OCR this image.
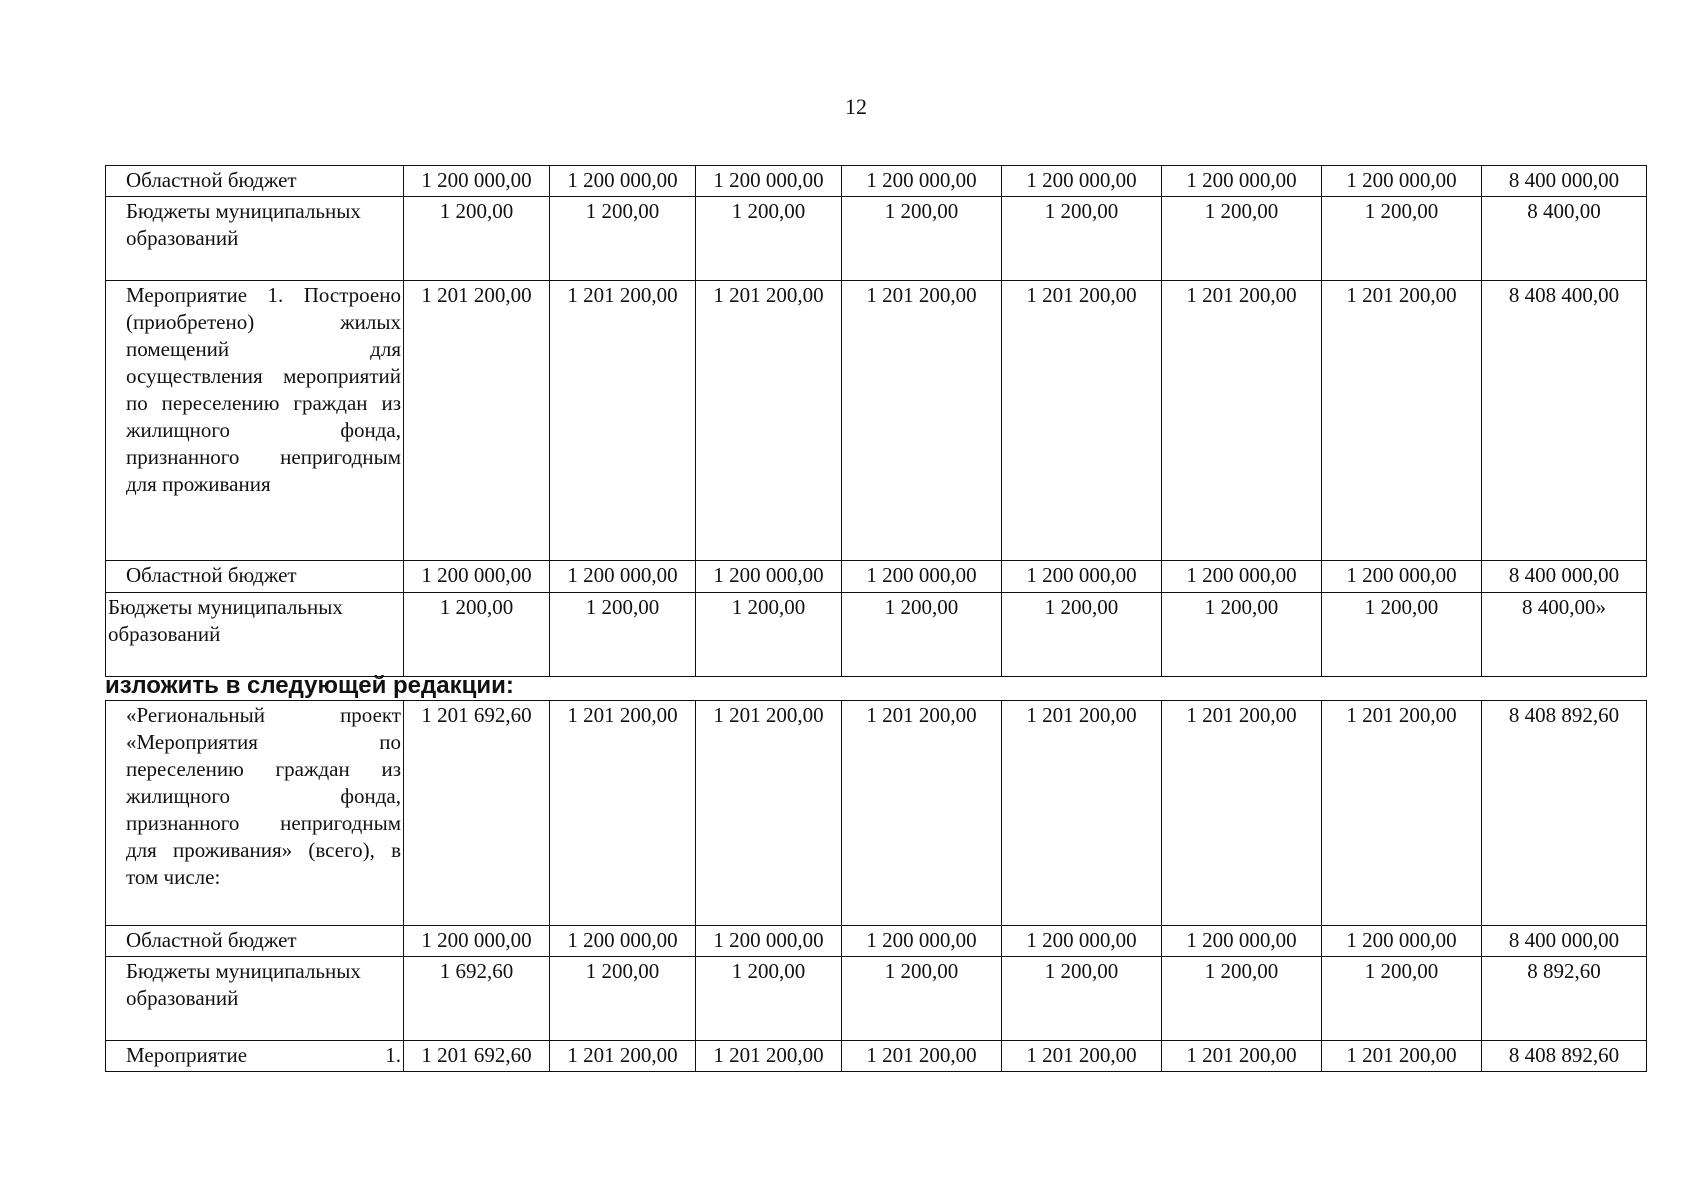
12
Областной бюджет	1 200 000,00	1 200 000,00	1 200 000,00	1 200 000,00	1 200 000,00	1 200 000,00	1 200 000,00	8 400 000,00
Бюджеты муниципальных образований	1 200,00	1 200,00	1 200,00	1 200,00	1 200,00	1 200,00	1 200,00	8 400,00
Мероприятие 1. Построено (приобретено) жилых помещений для осуществления мероприятий по переселению граждан из жилищного фонда, признанного непригодным для проживания	1 201 200,00	1 201 200,00	1 201 200,00	1 201 200,00	1 201 200,00	1 201 200,00	1 201 200,00	8 408 400,00
Областной бюджет	1 200 000,00	1 200 000,00	1 200 000,00	1 200 000,00	1 200 000,00	1 200 000,00	1 200 000,00	8 400 000,00
Бюджеты муниципальных образований	1 200,00	1 200,00	1 200,00	1 200,00	1 200,00	1 200,00	1 200,00	8 400,00»
изложить в следующей редакции:
«Региональный проект «Мероприятия по переселению граждан из жилищного фонда, признанного непригодным для проживания» (всего), в том числе:	1 201 692,60	1 201 200,00	1 201 200,00	1 201 200,00	1 201 200,00	1 201 200,00	1 201 200,00	8 408 892,60
Областной бюджет	1 200 000,00	1 200 000,00	1 200 000,00	1 200 000,00	1 200 000,00	1 200 000,00	1 200 000,00	8 400 000,00
Бюджеты муниципальных образований	1 692,60	1 200,00	1 200,00	1 200,00	1 200,00	1 200,00	1 200,00	8 892,60
Мероприятие 1.	1 201 692,60	1 201 200,00	1 201 200,00	1 201 200,00	1 201 200,00	1 201 200,00	1 201 200,00	8 408 892,60
